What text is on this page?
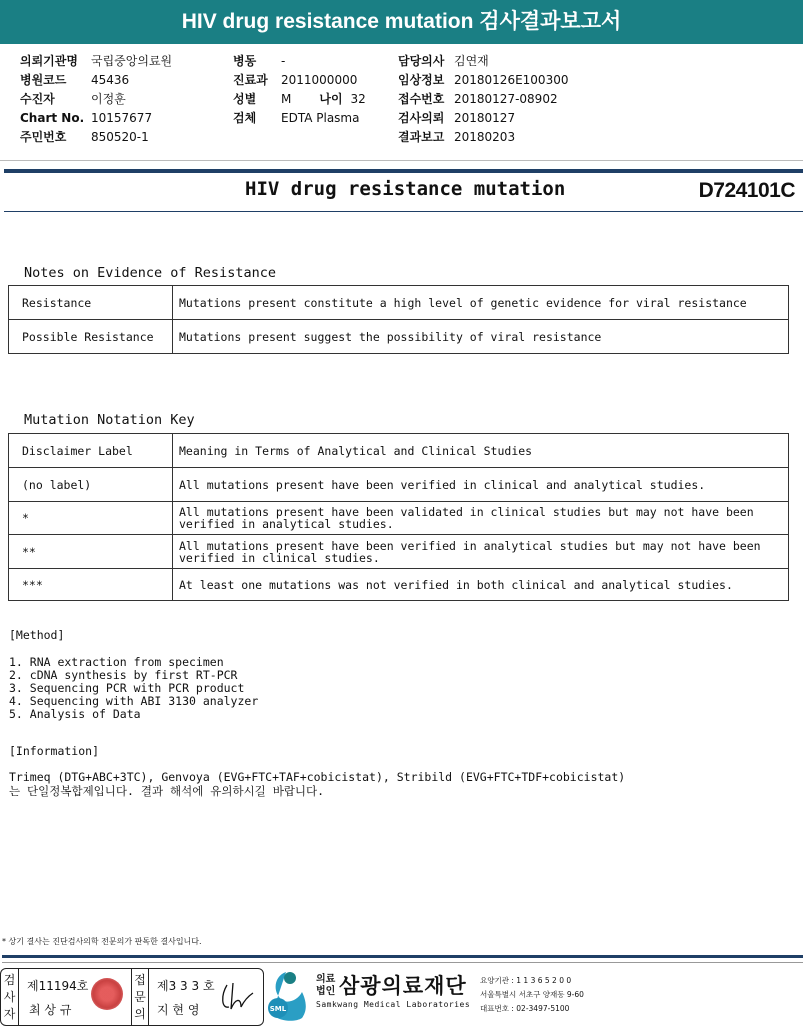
HIV drug resistance mutation 검사결과보고서
의뢰기관명	국립중앙의료원
병원코드	45436
수진자	이정훈
Chart No. 10157677
주민번호	850520-1
병동	-
진료과	2011000000
성별	M 나이 32
검체	EDTA Plasma
담당의사 김연재
임상정보 20180126E100300
접수번호 20180127-08902
검사의뢰 20180127
결과보고 20180203
HIV drug resistance mutation	D724101C
Notes on Evidence of Resistance
Resistance	Mutations present constitute a high level of genetic evidence for viral resistance
Possible Resistance	Mutations present suggest the possibility of viral resistance
Mutation Notation Key
Disclaimer Label	Meaning in Terms of Analytical and Clinical Studies
(no label)	All mutations present have been verified in clinical and analytical studies.
*	All mutations present have been validated in clinical studies but may not have been verified in analytical studies.
**	All mutations present have been verified in analytical studies but may not have been verified in clinical studies.
***	At least one mutations was not verified in both clinical and analytical studies.
[Method]
1. RNA extraction from specimen
2. cDNA synthesis by first RT-PCR
3. Sequencing PCR with PCR product
4. Sequencing with ABI 3130 analyzer
5. Analysis of Data
[Information]
Trimeq (DTG+ABC+3TC), Genvoya (EVG+FTC+TAF+cobicistat), Stribild (EVG+FTC+TDF+cobicistat)
는 단일정복합제입니다. 결과 해석에 유의하시길 바랍니다.
* 상기 결사는 진단검사의학 전문의가 판독한 결사입니다.
검
사
자
제11194호
최 상 규
접
문
의
제3 3 3 호
지 현 영	SML
의료
법인 삼광의료재단
Samkwang Medical Laboratories
요양기관 : 1 1 3 6 5 2 0 0
서울특별시 서초구 양재동 9-60
대표번호 : 02-3497-5100
